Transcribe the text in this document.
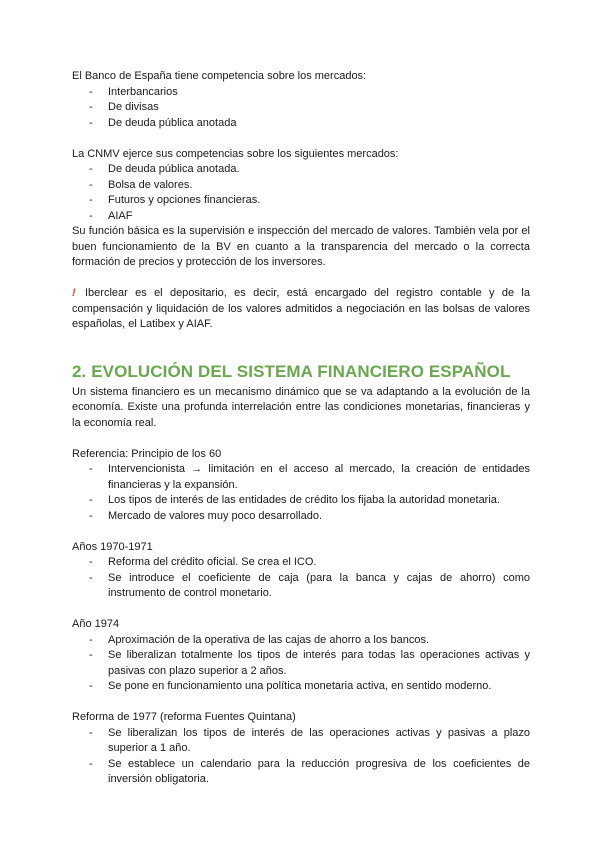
El Banco de España tiene competencia sobre los mercados:

- Interbancarios
- De divisas
- De deuda pública anotada

La CNMV ejerce sus competencias sobre los siguientes mercados:

- De deuda pública anotada.
- Bolsa de valores.
- Futuros y opciones financieras.
- AIAF

Su función básica es la supervisión e inspección del mercado de valores. También vela por el buen funcionamiento de la BV en cuanto a la transparencia del mercado o la correcta formación de precios y protección de los inversores.

! Iberclear es el depositario, es decir, está encargado del registro contable y de la compensación y liquidación de los valores admitidos a negociación en las bolsas de valores españolas, el Latibex y AIAF.

2. EVOLUCIÓN DEL SISTEMA FINANCIERO ESPAÑOL

Un sistema financiero es un mecanismo dinámico que se va adaptando a la evolución de la economía. Existe una profunda interrelación entre las condiciones monetarias, financieras y la economía real.

Referencia: Principio de los 60

- Intervencionista → limitación en el acceso al mercado, la creación de entidades financieras y la expansión.
- Los tipos de interés de las entidades de crédito los fijaba la autoridad monetaria.
- Mercado de valores muy poco desarrollado.

Años 1970-1971

- Reforma del crédito oficial. Se crea el ICO.
- Se introduce el coeficiente de caja (para la banca y cajas de ahorro) como instrumento de control monetario.

Año 1974

- Aproximación de la operativa de las cajas de ahorro a los bancos.
- Se liberalizan totalmente los tipos de interés para todas las operaciones activas y pasivas con plazo superior a 2 años.
- Se pone en funcionamiento una política monetaria activa, en sentido moderno.

Reforma de 1977 (reforma Fuentes Quintana)

- Se liberalizan los tipos de interés de las operaciones activas y pasivas a plazo superior a 1 año.
- Se establece un calendario para la reducción progresiva de los coeficientes de inversión obligatoria.
